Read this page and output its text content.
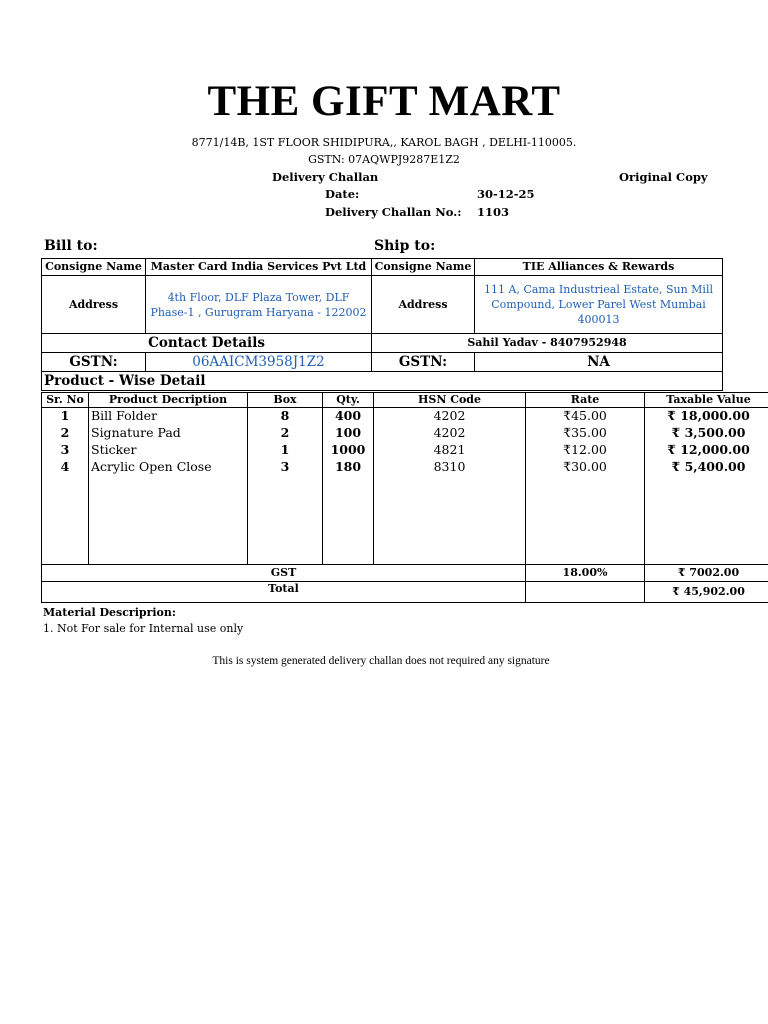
THE GIFT MART
8771/14B, 1ST FLOOR SHIDIPURA,, KAROL BAGH , DELHI-110005.
GSTN: 07AQWPJ9287E1Z2
Delivery Challan	Original Copy
Date:	30-12-25
Delivery Challan No.: 1103
Bill to:	Ship to:
Consigne Name	Master Card India Services Pvt Ltd	Consigne Name	TIE Alliances & Rewards
Address	4th Floor, DLF Plaza Tower, DLF Phase-1 , Gurugram Haryana - 122002	Address	111 A, Cama Industrieal Estate, Sun Mill Compound, Lower Parel West Mumbai 400013
Contact Details		Sahil Yadav - 8407952948	
GSTN:	06AAICM3958J1Z2	GSTN:	NA
Product - Wise Detail			
Sr. No	Product Decription	Box	Qty.	HSN Code	Rate	Taxable Value
1	Bill Folder	8	400	4202	₹45.00	₹ 18,000.00
2	Signature Pad	2	100	4202	₹35.00	₹ 3,500.00
3	Sticker	1	1000	4821	₹12.00	₹ 12,000.00
4	Acrylic Open Close	3	180	8310	₹30.00	₹ 5,400.00

GST					18.00%	₹ 7002.00
Total						₹ 45,902.00
Material Descriprion:
1. Not For sale for Internal use only
This is system generated delivery challan does not required any signature
